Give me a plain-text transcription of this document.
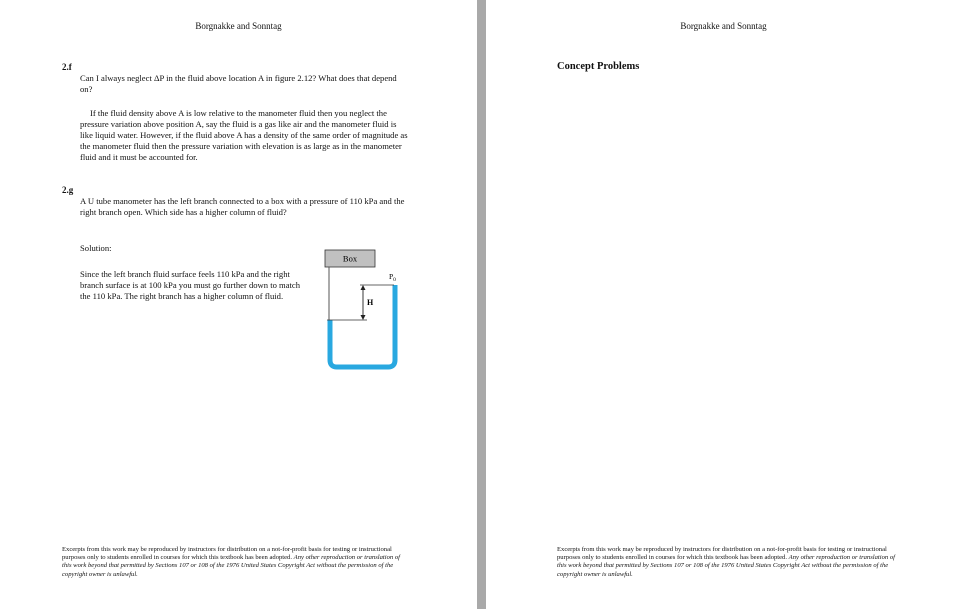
Borgnakke and Sonntag
2.f
Can I always neglect ΔP in the fluid above location A in figure 2.12? What does that depend on?
If the fluid density above A is low relative to the manometer fluid then you neglect the pressure variation above position A, say the fluid is a gas like air and the manometer fluid is like liquid water. However, if the fluid above A has a density of the same order of magnitude as the manometer fluid then the pressure variation with elevation is as large as in the manometer fluid and it must be accounted for.
2.g
A U tube manometer has the left branch connected to a box with a pressure of 110 kPa and the right branch open. Which side has a higher column of fluid?
Solution:
Since the left branch fluid surface feels 110 kPa and the right branch surface is at 100 kPa you must go further down to match the 110 kPa. The right branch has a higher column of fluid.
Box
H
$P_0$
Excerpts from this work may be reproduced by instructors for distribution on a not-for-profit basis for testing or instructional purposes only to students enrolled in courses for which this textbook has been adopted. Any other reproduction or translation of this work beyond that permitted by Sections 107 or 108 of the 1976 United States Copyright Act without the permission of the copyright owner is unlawful.
Borgnakke and Sonntag
Concept Problems
Excerpts from this work may be reproduced by instructors for distribution on a not-for-profit basis for testing or instructional purposes only to students enrolled in courses for which this textbook has been adopted. Any other reproduction or translation of this work beyond that permitted by Sections 107 or 108 of the 1976 United States Copyright Act without the permission of the copyright owner is unlawful.
